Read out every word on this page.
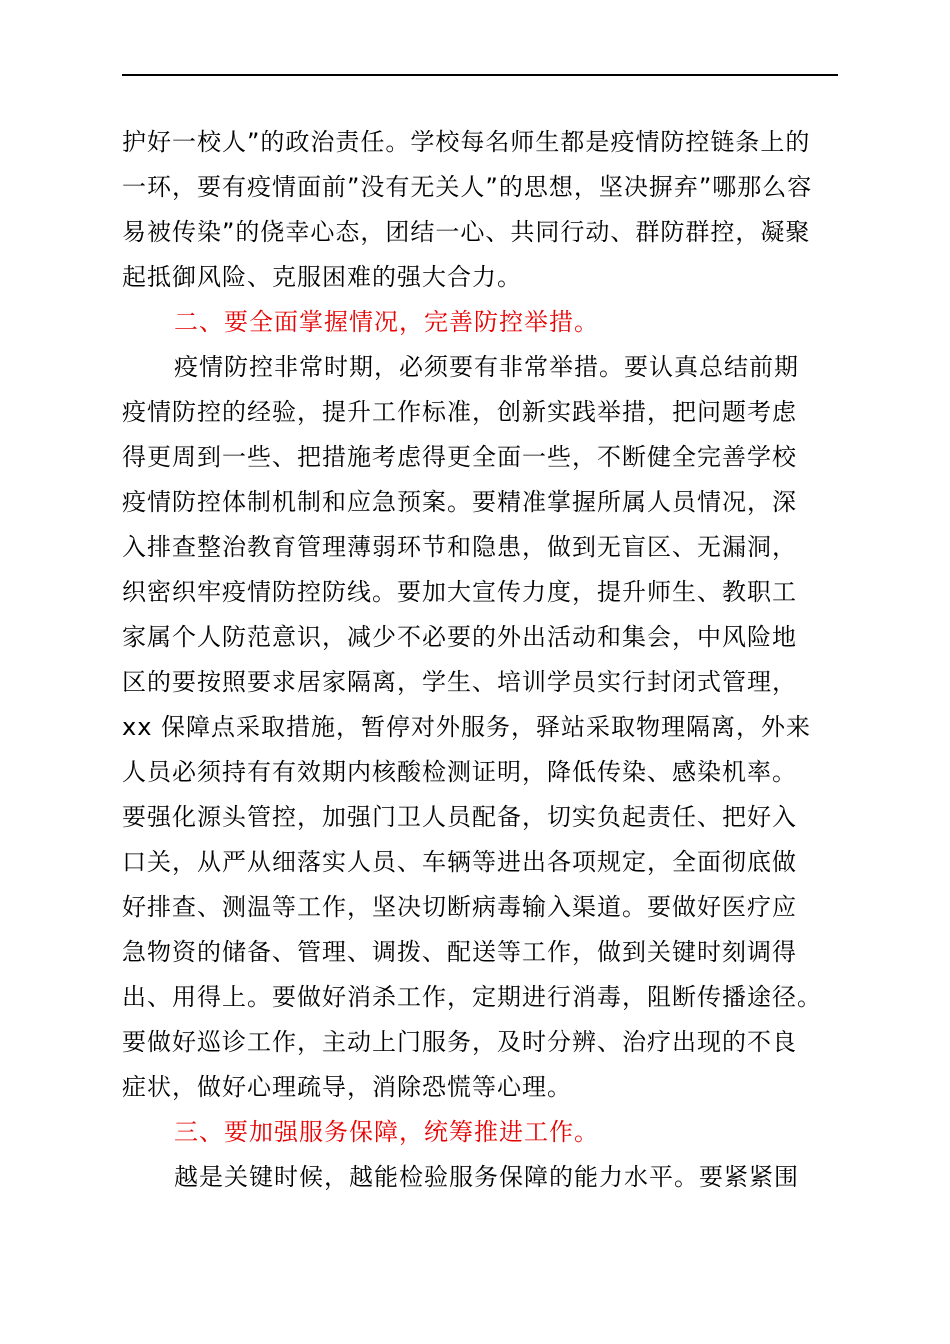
护好一校人”的政治责任。学校每名师生都是疫情防控链条上的
一环，要有疫情面前”没有无关人”的思想，坚决摒弃”哪那么容
易被传染”的侥幸心态，团结一心、共同行动、群防群控，凝聚
起抵御风险、克服困难的强大合力。
二、要全面掌握情况，完善防控举措。
疫情防控非常时期，必须要有非常举措。要认真总结前期
疫情防控的经验，提升工作标准，创新实践举措，把问题考虑
得更周到一些、把措施考虑得更全面一些，不断健全完善学校
疫情防控体制机制和应急预案。要精准掌握所属人员情况，深
入排查整治教育管理薄弱环节和隐患，做到无盲区、无漏洞，
织密织牢疫情防控防线。要加大宣传力度，提升师生、教职工
家属个人防范意识，减少不必要的外出活动和集会，中风险地
区的要按照要求居家隔离，学生、培训学员实行封闭式管理，
xx 保障点采取措施，暂停对外服务，驿站采取物理隔离，外来
人员必须持有有效期内核酸检测证明，降低传染、感染机率。
要强化源头管控，加强门卫人员配备，切实负起责任、把好入
口关，从严从细落实人员、车辆等进出各项规定，全面彻底做
好排查、测温等工作，坚决切断病毒输入渠道。要做好医疗应
急物资的储备、管理、调拨、配送等工作，做到关键时刻调得
出、用得上。要做好消杀工作，定期进行消毒，阻断传播途径。
要做好巡诊工作，主动上门服务，及时分辨、治疗出现的不良
症状，做好心理疏导，消除恐慌等心理。
三、要加强服务保障，统筹推进工作。
越是关键时候，越能检验服务保障的能力水平。要紧紧围
